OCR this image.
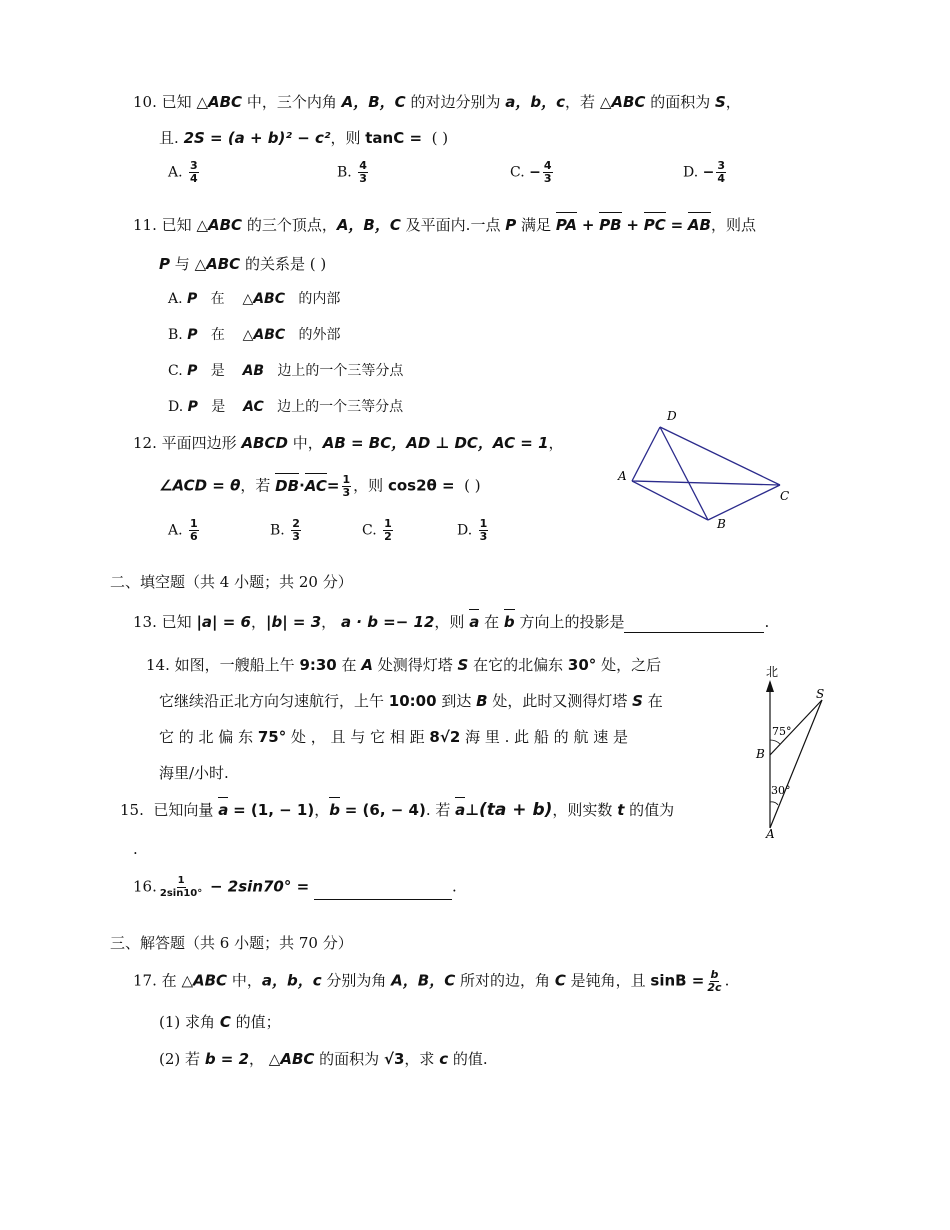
10. 已知 △ABC 中，三个内角 A，B，C 的对边分别为 a，b，c，若 △ABC 的面积为 S，
且. 2S = (a + b)² − c²，则 tanC = ( )
A. $\frac{3}{4}$	B. $\frac{4}{3}$	C. − $\frac{4}{3}$	D. − $\frac{3}{4}$
11. 已知 △ABC 的三个顶点，A，B，C 及平面内.一点 P 满足 PA + PB + PC = AB，则点
P 与 △ABC 的关系是 ( )
A. P 在 △ABC 的内部
B. P 在 △ABC 的外部
C. P 是 AB 边上的一个三等分点
D. P 是 AC 边上的一个三等分点
12. 平面四边形 ABCD 中，AB = BC，AD ⊥ DC，AC = 1，
∠ACD = θ，若 $DB\cdot AC= \frac{1}{3}$ ，则 cos2θ = ( )
A. $\frac{1}{6}$	B. $\frac{2}{3}$	C. $\frac{1}{2}$	D. $\frac{1}{3}$
A
D
C
B
二、填空题（共 4 小题；共 20 分）
13. 已知 |a| = 6，|b| = 3， a · b =− 12，则 a 在 b 方向上的投影是	.
14. 如图，一艘船上午 9:30 在 A 处测得灯塔 S 在它的北偏东 30° 处，之后
它继续沿正北方向匀速航行，上午 10:00 到达 B 处，此时又测得灯塔 S 在
它 的 北 偏 东 75° 处 ， 且 与 它 相 距 8√2 海 里 . 此 船 的 航 速 是
海里/小时.
北
S
B
A
75°
30°
15. 已知向量 a = (1, − 1)，b = (6, − 4). 若 a⊥(ta + b)，则实数 t 的值为
.
16. $\frac{1}{2\sin 10^\circ} - 2\sin 70^\circ$ =	.
三、解答题（共 6 小题；共 70 分）
17. 在 △ABC 中，a，b，c 分别为角 A，B，C 所对的边，角 C 是钝角，且 $\sin B = \frac{b}{2c}$ .
(1) 求角 C 的值；
(2) 若 b = 2， △ABC 的面积为 √3，求 c 的值.
